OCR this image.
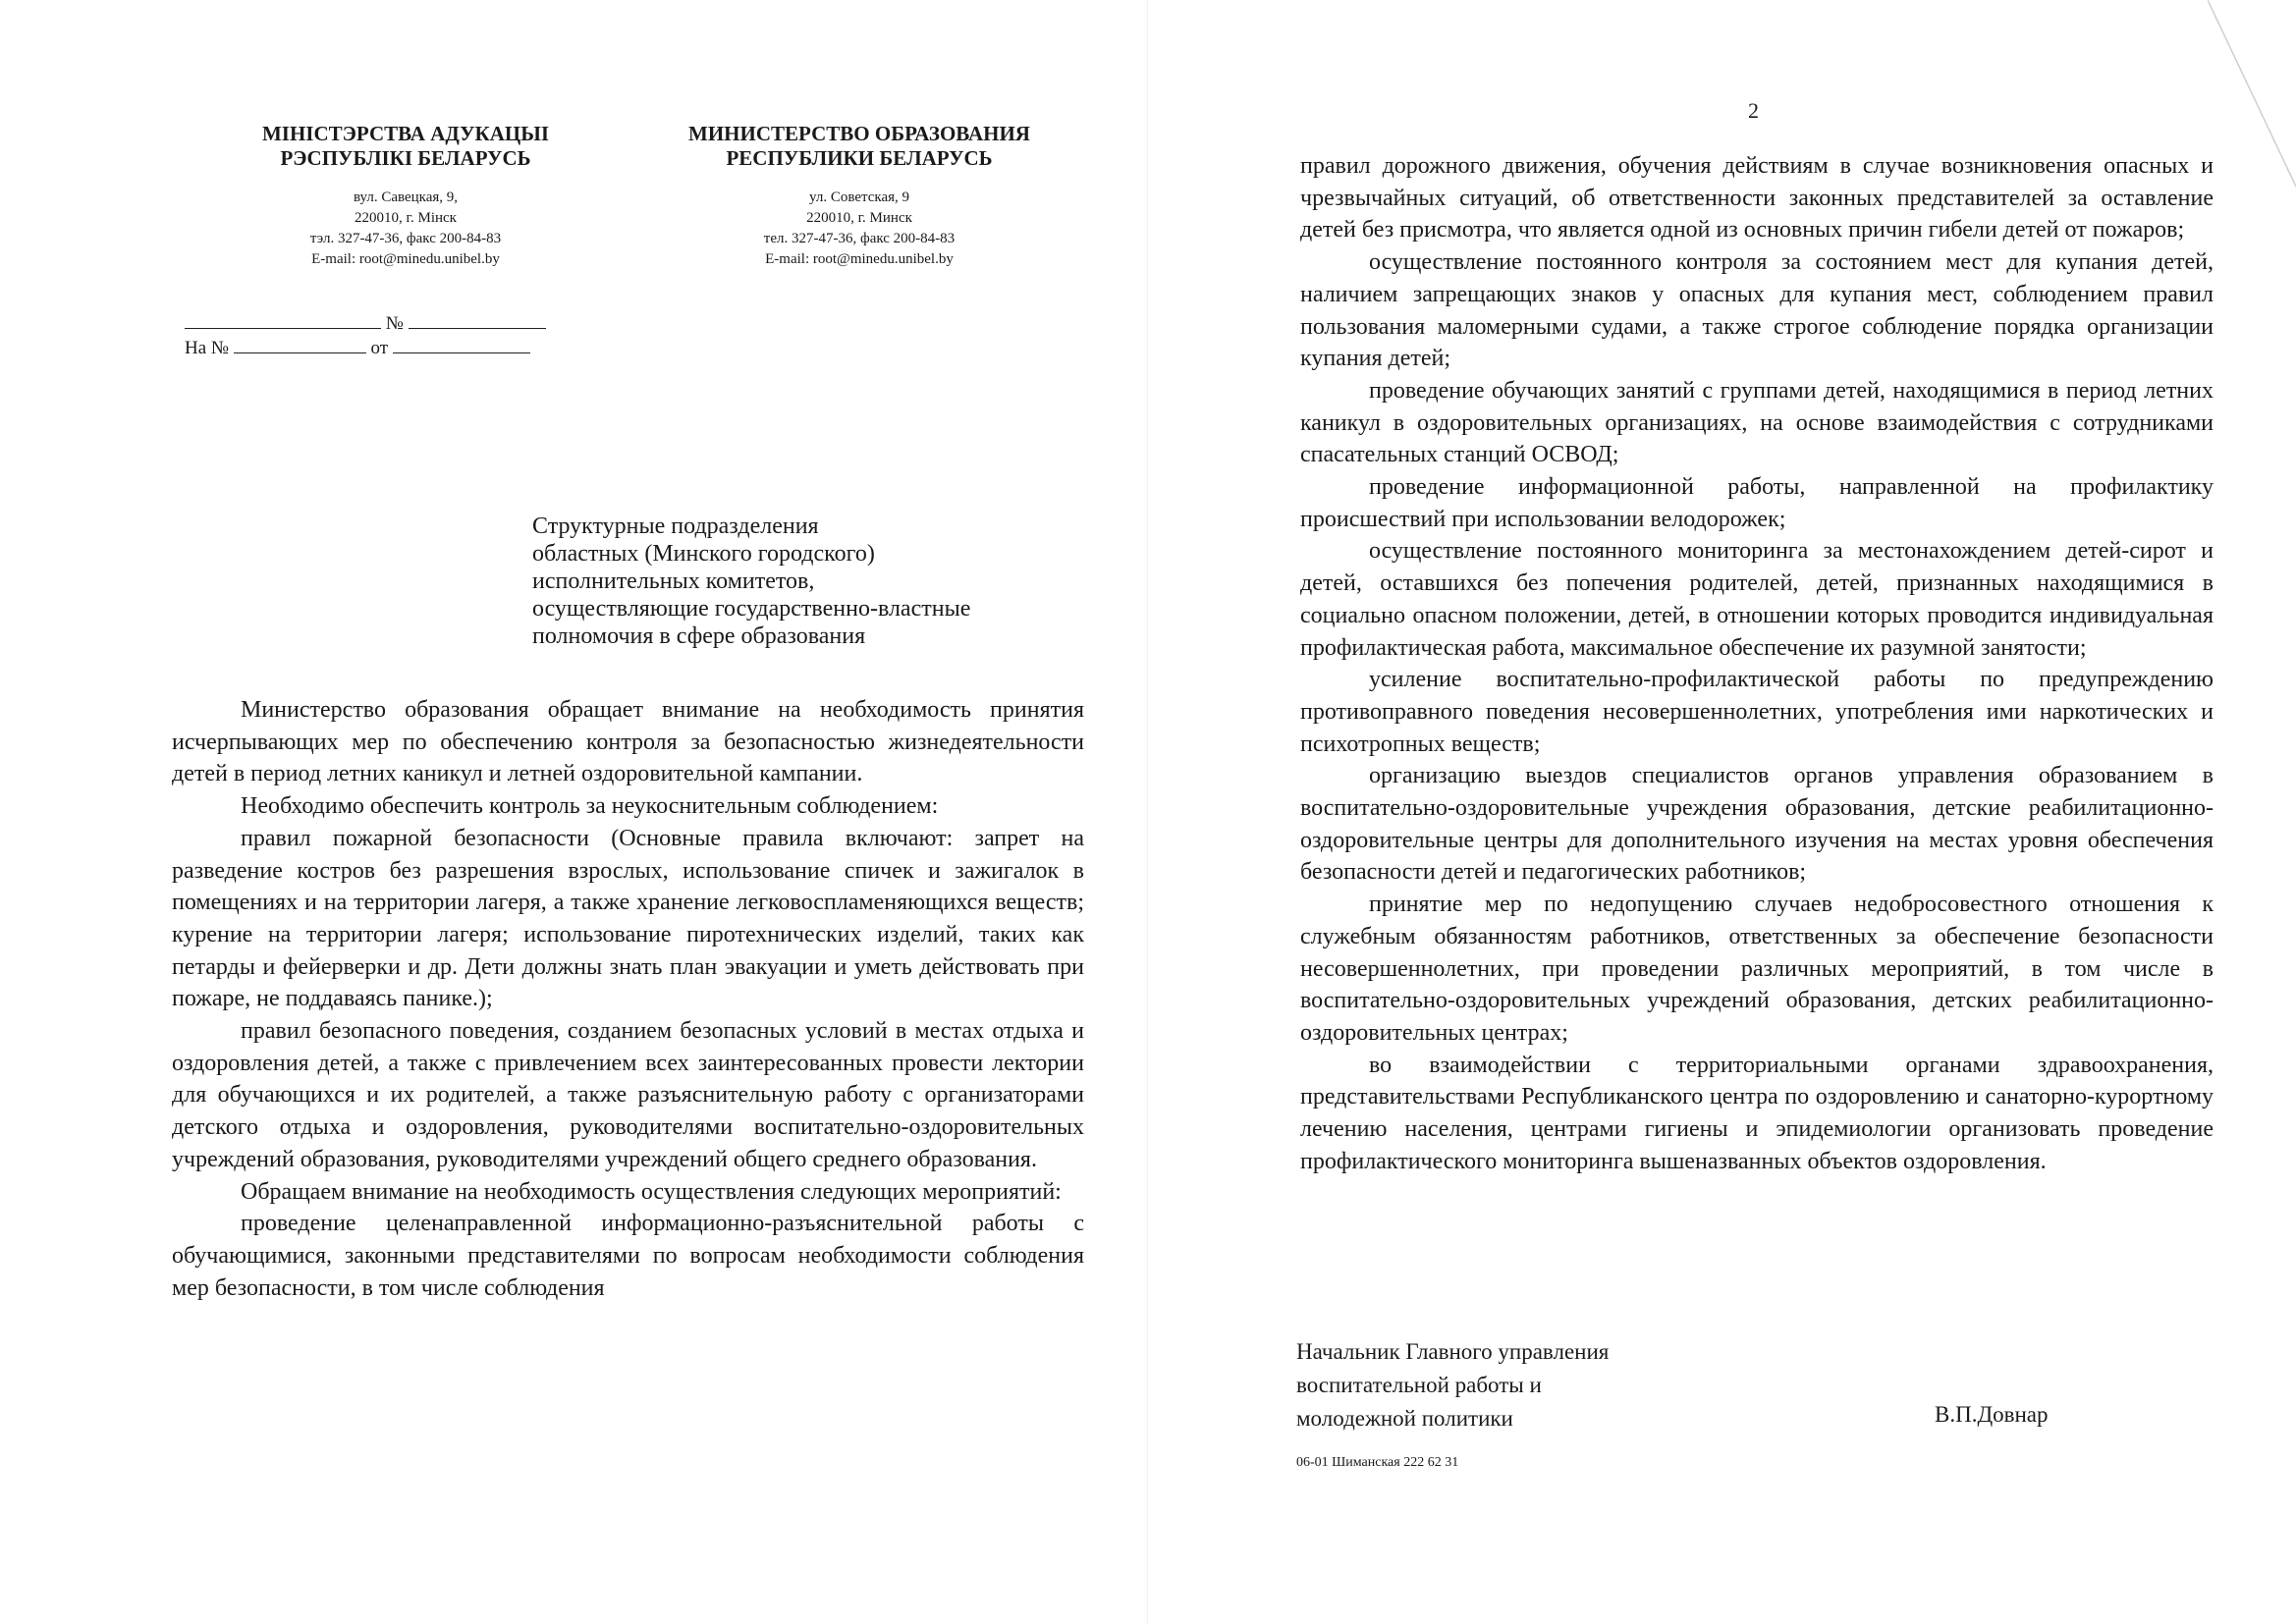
МІНІСТЭРСТВА АДУКАЦЫІ
РЭСПУБЛІКІ БЕЛАРУСЬ
вул. Савецкая, 9,
220010, г. Мінск
тэл. 327-47-36, факс 200-84-83
E-mail: root@minedu.unibel.by
МИНИСТЕРСТВО ОБРАЗОВАНИЯ
РЕСПУБЛИКИ БЕЛАРУСЬ
ул. Советская, 9
220010, г. Минск
тел. 327-47-36, факс 200-84-83
E-mail: root@minedu.unibel.by
№
На №	от
Структурные подразделения
областных (Минского городского)
исполнительных комитетов,
осуществляющие государственно-властные
полномочия в сфере образования

Министерство образования обращает внимание на необходимость принятия исчерпывающих мер по обеспечению контроля за безопасностью жизнедеятельности детей в период летних каникул и летней оздоровительной кампании.

Необходимо обеспечить контроль за неукоснительным соблюдением:

правил пожарной безопасности (Основные правила включают: запрет на разведение костров без разрешения взрослых, использование спичек и зажигалок в помещениях и на территории лагеря, а также хранение легковоспламеняющихся веществ; курение на территории лагеря; использование пиротехнических изделий, таких как петарды и фейерверки и др. Дети должны знать план эвакуации и уметь действовать при пожаре, не поддаваясь панике.);

правил безопасного поведения, созданием безопасных условий в местах отдыха и оздоровления детей, а также с привлечением всех заинтересованных провести лектории для обучающихся и их родителей, а также разъяснительную работу с организаторами детского отдыха и оздоровления, руководителями воспитательно-оздоровительных учреждений образования, руководителями учреждений общего среднего образования.

Обращаем внимание на необходимость осуществления следующих мероприятий:

проведение целенаправленной информационно-разъяснительной работы с обучающимися, законными представителями по вопросам необходимости соблюдения мер безопасности, в том числе соблюдения

2

правил дорожного движения, обучения действиям в случае возникновения опасных и чрезвычайных ситуаций, об ответственности законных представителей за оставление детей без присмотра, что является одной из основных причин гибели детей от пожаров;

осуществление постоянного контроля за состоянием мест для купания детей, наличием запрещающих знаков у опасных для купания мест, соблюдением правил пользования маломерными судами, а также строгое соблюдение порядка организации купания детей;

проведение обучающих занятий с группами детей, находящимися в период летних каникул в оздоровительных организациях, на основе взаимодействия с сотрудниками спасательных станций ОСВОД;

проведение информационной работы, направленной на профилактику происшествий при использовании велодорожек;

осуществление постоянного мониторинга за местонахождением детей-сирот и детей, оставшихся без попечения родителей, детей, признанных находящимися в социально опасном положении, детей, в отношении которых проводится индивидуальная профилактическая работа, максимальное обеспечение их разумной занятости;

усиление воспитательно-профилактической работы по предупреждению противоправного поведения несовершеннолетних, употребления ими наркотических и психотропных веществ;

организацию выездов специалистов органов управления образованием в воспитательно-оздоровительные учреждения образования, детские реабилитационно-оздоровительные центры для дополнительного изучения на местах уровня обеспечения безопасности детей и педагогических работников;

принятие мер по недопущению случаев недобросовестного отношения к служебным обязанностям работников, ответственных за обеспечение безопасности несовершеннолетних, при проведении различных мероприятий, в том числе в воспитательно-оздоровительных учреждений образования, детских реабилитационно-оздоровительных центрах;

во взаимодействии с территориальными органами здравоохранения, представительствами Республиканского центра по оздоровлению и санаторно-курортному лечению населения, центрами гигиены и эпидемиологии организовать проведение профилактического мониторинга вышеназванных объектов оздоровления.

Начальник Главного управления
воспитательной работы и
молодежной политики	В.П.Довнар
06-01 Шиманская 222 62 31
